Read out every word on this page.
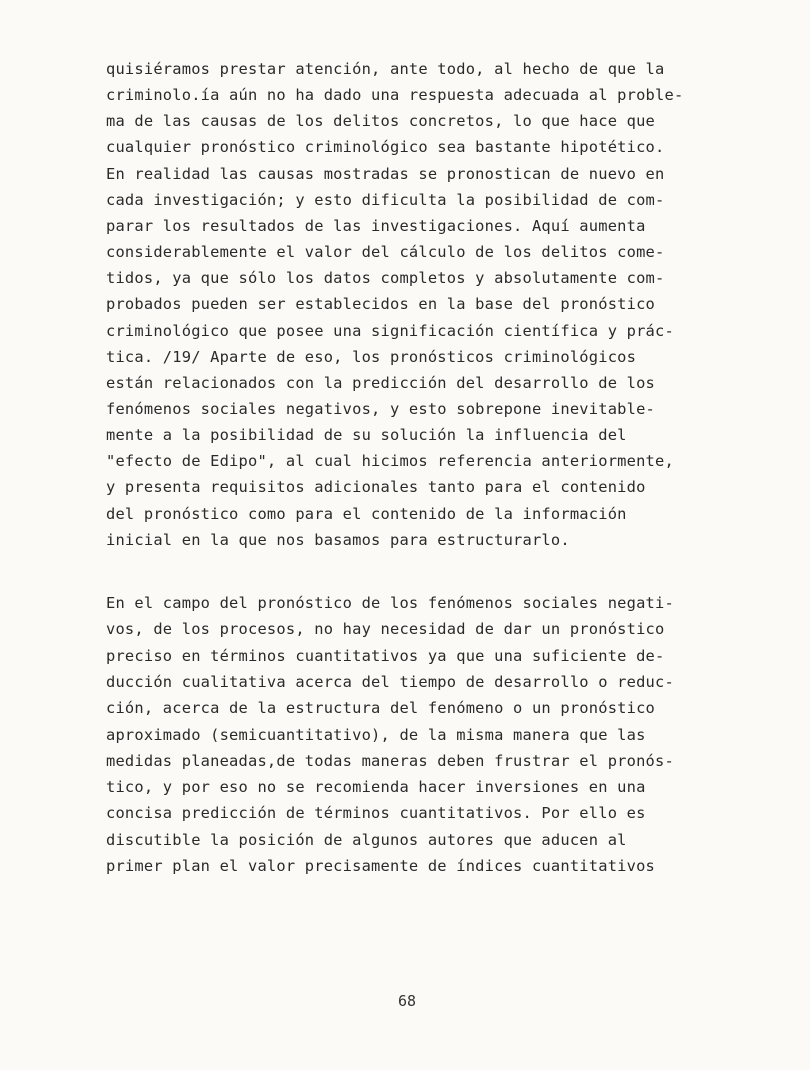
quisiéramos prestar atención, ante todo, al hecho de que la
criminolo.ía aún no ha dado una respuesta adecuada al proble-
ma de las causas de los delitos concretos, lo que hace que
cualquier pronóstico criminológico sea bastante hipotético.
En realidad las causas mostradas se pronostican de nuevo en
cada investigación; y esto dificulta la posibilidad de com-
parar los resultados de las investigaciones. Aquí aumenta
considerablemente el valor del cálculo de los delitos come-
tidos, ya que sólo los datos completos y absolutamente com-
probados pueden ser establecidos en la base del pronóstico
criminológico que posee una significación científica y prác-
tica. /19/ Aparte de eso, los pronósticos criminológicos
están relacionados con la predicción del desarrollo de los
fenómenos sociales negativos, y esto sobrepone inevitable-
mente a la posibilidad de su solución la influencia del
"efecto de Edipo", al cual hicimos referencia anteriormente,
y presenta requisitos adicionales tanto para el contenido
del pronóstico como para el contenido de la información
inicial en la que nos basamos para estructurarlo.
En el campo del pronóstico de los fenómenos sociales negati-
vos, de los procesos, no hay necesidad de dar un pronóstico
preciso en términos cuantitativos ya que una suficiente de-
ducción cualitativa acerca del tiempo de desarrollo o reduc-
ción, acerca de la estructura del fenómeno o un pronóstico
aproximado (semicuantitativo), de la misma manera que las
medidas planeadas,de todas maneras deben frustrar el pronós-
tico, y por eso no se recomienda hacer inversiones en una
concisa predicción de términos cuantitativos. Por ello es
discutible la posición de algunos autores que aducen al
primer plan el valor precisamente de índices cuantitativos
68
